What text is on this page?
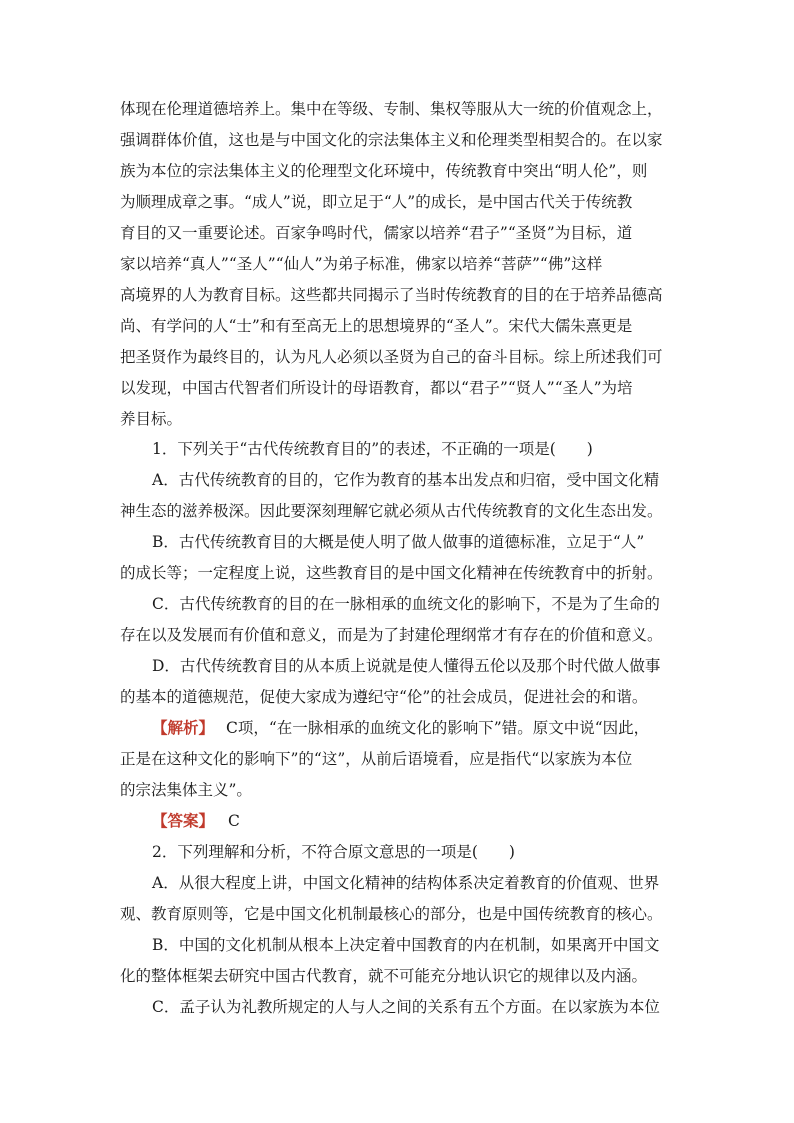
体现在伦理道德培养上。集中在等级、专制、集权等服从大一统的价值观念上，
强调群体价值，这也是与中国文化的宗法集体主义和伦理类型相契合的。在以家
族为本位的宗法集体主义的伦理型文化环境中，传统教育中突出“明人伦”，则
为顺理成章之事。“成人”说，即立足于“人”的成长，是中国古代关于传统教
育目的又一重要论述。百家争鸣时代，儒家以培养“君子”“圣贤”为目标，道
家以培养“真人”“圣人”“仙人”为弟子标准，佛家以培养“菩萨”“佛”这样
高境界的人为教育目标。这些都共同揭示了当时传统教育的目的在于培养品德高
尚、有学问的人“士”和有至高无上的思想境界的“圣人”。宋代大儒朱熹更是
把圣贤作为最终目的，认为凡人必须以圣贤为自己的奋斗目标。综上所述我们可
以发现，中国古代智者们所设计的母语教育，都以“君子”“贤人”“圣人”为培
养目标。
1．下列关于“古代传统教育目的”的表述，不正确的一项是(　　)
A．古代传统教育的目的，它作为教育的基本出发点和归宿，受中国文化精
神生态的滋养极深。因此要深刻理解它就必须从古代传统教育的文化生态出发。
B．古代传统教育目的大概是使人明了做人做事的道德标准，立足于“人”
的成长等；一定程度上说，这些教育目的是中国文化精神在传统教育中的折射。
C．古代传统教育的目的在一脉相承的血统文化的影响下，不是为了生命的
存在以及发展而有价值和意义，而是为了封建伦理纲常才有存在的价值和意义。
D．古代传统教育目的从本质上说就是使人懂得五伦以及那个时代做人做事
的基本的道德规范，促使大家成为遵纪守“伦”的社会成员，促进社会的和谐。
【解析】 C项，“在一脉相承的血统文化的影响下”错。原文中说“因此，
正是在这种文化的影响下”的“这”，从前后语境看，应是指代“以家族为本位
的宗法集体主义”。
【答案】 C
2．下列理解和分析，不符合原文意思的一项是(　　)
A．从很大程度上讲，中国文化精神的结构体系决定着教育的价值观、世界
观、教育原则等，它是中国文化机制最核心的部分，也是中国传统教育的核心。
B．中国的文化机制从根本上决定着中国教育的内在机制，如果离开中国文
化的整体框架去研究中国古代教育，就不可能充分地认识它的规律以及内涵。
C．孟子认为礼教所规定的人与人之间的关系有五个方面。在以家族为本位
